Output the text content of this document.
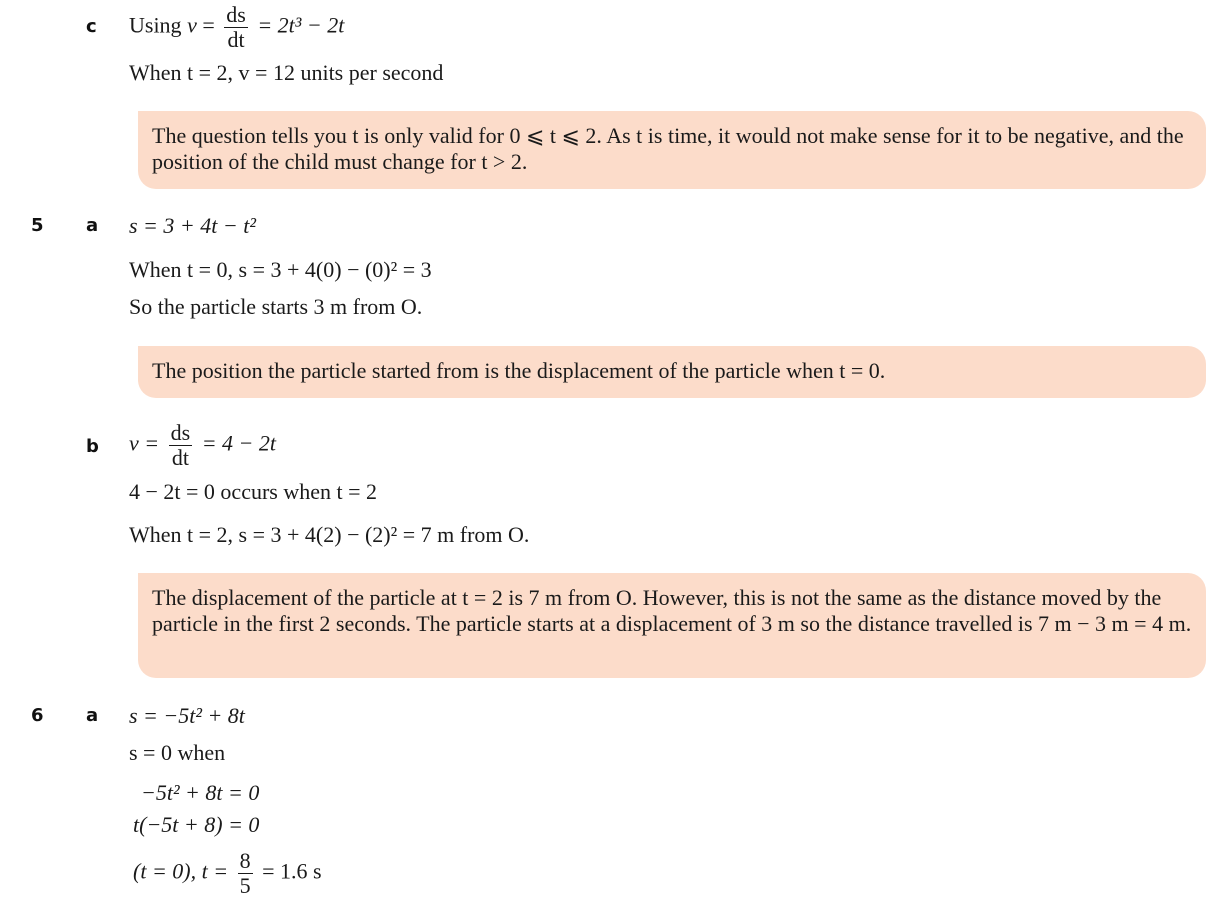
c Using $v = \frac{ds}{dt} = 2t^3 - 2t$
When t = 2, v = 12 units per second
The question tells you t is only valid for 0 ⩽ t ⩽ 2. As t is time, it would not make sense for it to be negative, and the position of the child must change for t > 2.
5 a s = 3 + 4t − t²
When t = 0, s = 3 + 4(0) − (0)² = 3
So the particle starts 3 m from O.
The position the particle started from is the displacement of the particle when t = 0.
b $v = \frac{ds}{dt} = 4 - 2t$
4 − 2t = 0 occurs when t = 2
When t = 2, s = 3 + 4(2) − (2)² = 7 m from O.
The displacement of the particle at t = 2 is 7 m from O. However, this is not the same as the distance moved by the particle in the first 2 seconds. The particle starts at a displacement of 3 m so the distance travelled is 7 m − 3 m = 4 m.
6 a s = −5t² + 8t
s = 0 when
−5t² + 8t = 0
t(−5t + 8) = 0
(t = 0), $t = \frac{8}{5} = 1.6$ s
